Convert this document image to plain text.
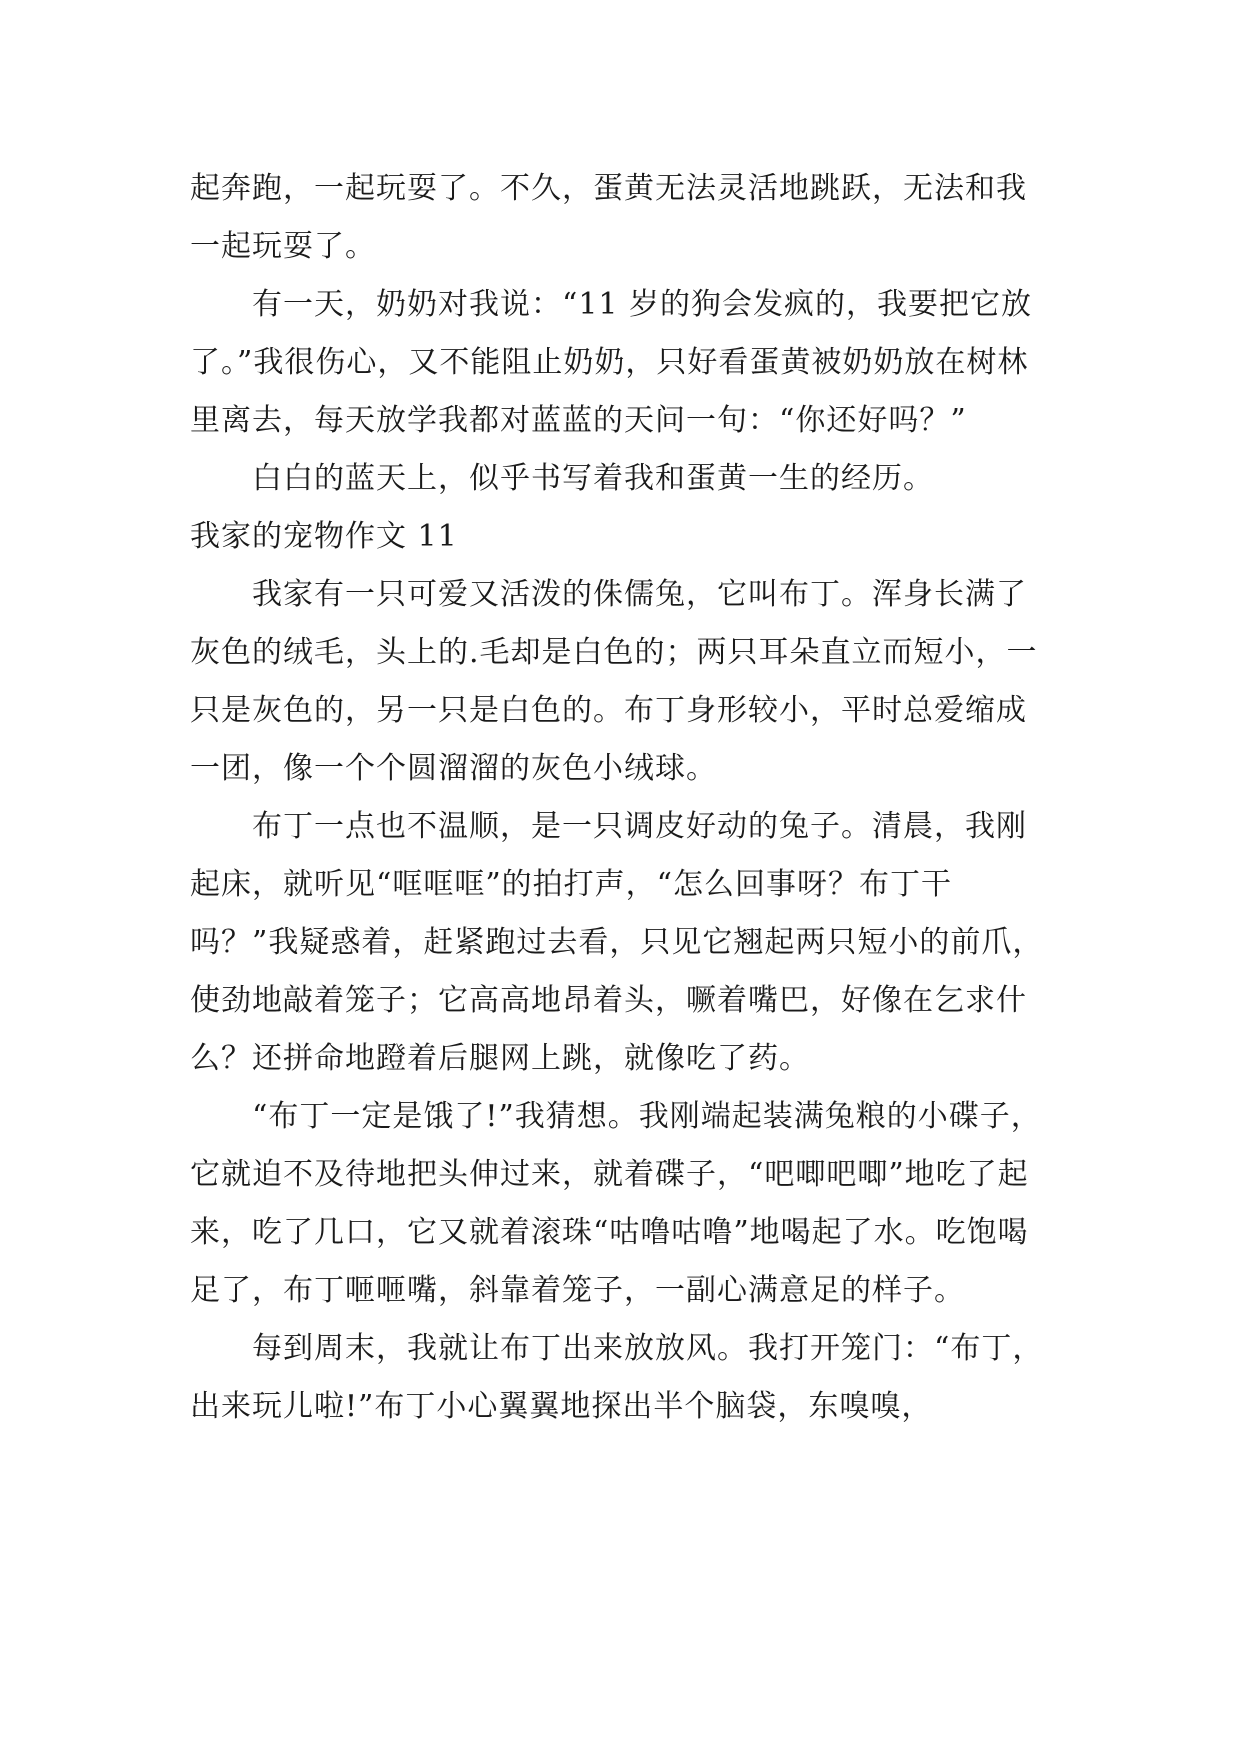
起奔跑，一起玩耍了。不久，蛋黄无法灵活地跳跃，无法和我一起玩耍了。

有一天，奶奶对我说：“11 岁的狗会发疯的，我要把它放了。”我很伤心，又不能阻止奶奶，只好看蛋黄被奶奶放在树林里离去，每天放学我都对蓝蓝的天问一句：“你还好吗？”

白白的蓝天上，似乎书写着我和蛋黄一生的经历。

我家的宠物作文 11

我家有一只可爱又活泼的侏儒兔，它叫布丁。浑身长满了灰色的绒毛，头上的.毛却是白色的；两只耳朵直立而短小，一只是灰色的，另一只是白色的。布丁身形较小，平时总爱缩成一团，像一个个圆溜溜的灰色小绒球。

布丁一点也不温顺，是一只调皮好动的兔子。清晨，我刚起床，就听见“哐哐哐”的拍打声，“怎么回事呀？布丁干吗？”我疑惑着，赶紧跑过去看，只见它翘起两只短小的前爪，使劲地敲着笼子；它高高地昂着头，噘着嘴巴，好像在乞求什么？还拼命地蹬着后腿网上跳，就像吃了药。

“布丁一定是饿了!”我猜想。我刚端起装满兔粮的小碟子，它就迫不及待地把头伸过来，就着碟子，“吧唧吧唧”地吃了起来，吃了几口，它又就着滚珠“咕噜咕噜”地喝起了水。吃饱喝足了，布丁咂咂嘴，斜靠着笼子，一副心满意足的样子。

每到周末，我就让布丁出来放放风。我打开笼门：“布丁，出来玩儿啦!”布丁小心翼翼地探出半个脑袋，东嗅嗅，
